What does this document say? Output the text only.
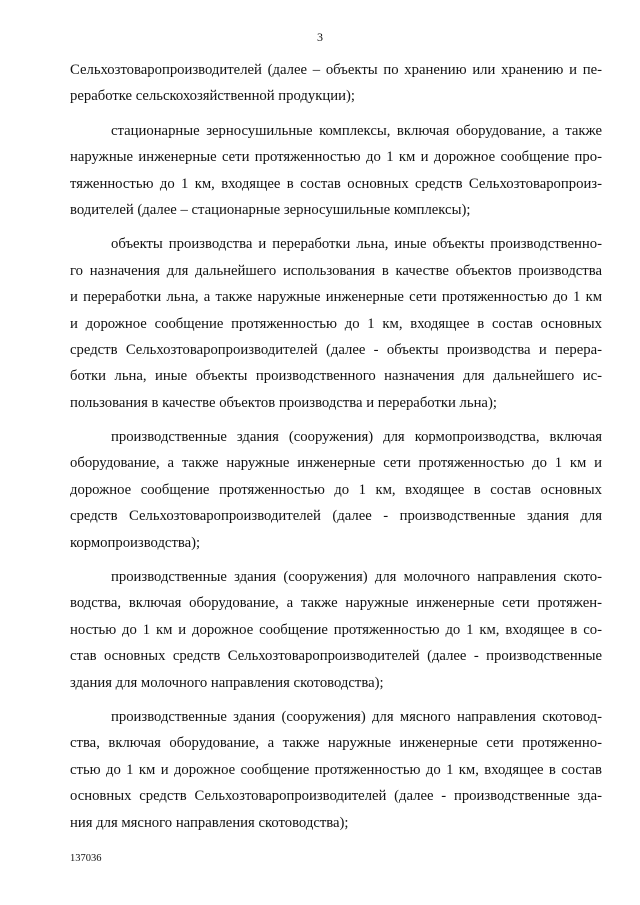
3
Сельхозтоваропроизводителей (далее – объекты по хранению или хранению и пе-
реработке сельскохозяйственной продукции);
стационарные зерносушильные комплексы, включая оборудование, а также
наружные инженерные сети протяженностью до 1 км и дорожное сообщение про-
тяженностью до 1 км, входящее в состав основных средств Сельхозтоваропроиз-
водителей (далее – стационарные зерносушильные комплексы);
объекты производства и переработки льна, иные объекты производственно-
го назначения для дальнейшего использования в качестве объектов производства
и переработки льна, а также наружные инженерные сети протяженностью до 1 км
и дорожное сообщение протяженностью до 1 км, входящее в состав основных
средств Сельхозтоваропроизводителей (далее - объекты производства и перера-
ботки льна, иные объекты производственного назначения для дальнейшего ис-
пользования в качестве объектов производства и переработки льна);
производственные здания (сооружения) для кормопроизводства, включая
оборудование, а также наружные инженерные сети протяженностью до 1 км и
дорожное сообщение протяженностью до 1 км, входящее в состав основных
средств Сельхозтоваропроизводителей (далее - производственные здания для
кормопроизводства);
производственные здания (сооружения) для молочного направления ското-
водства, включая оборудование, а также наружные инженерные сети протяжен-
ностью до 1 км и дорожное сообщение протяженностью до 1 км, входящее в со-
став основных средств Сельхозтоваропроизводителей (далее - производственные
здания для молочного направления скотоводства);
производственные здания (сооружения) для мясного направления скотовод-
ства, включая оборудование, а также наружные инженерные сети протяженно-
стью до 1 км и дорожное сообщение протяженностью до 1 км, входящее в состав
основных средств Сельхозтоваропроизводителей (далее - производственные зда-
ния для мясного направления скотоводства);
137036
